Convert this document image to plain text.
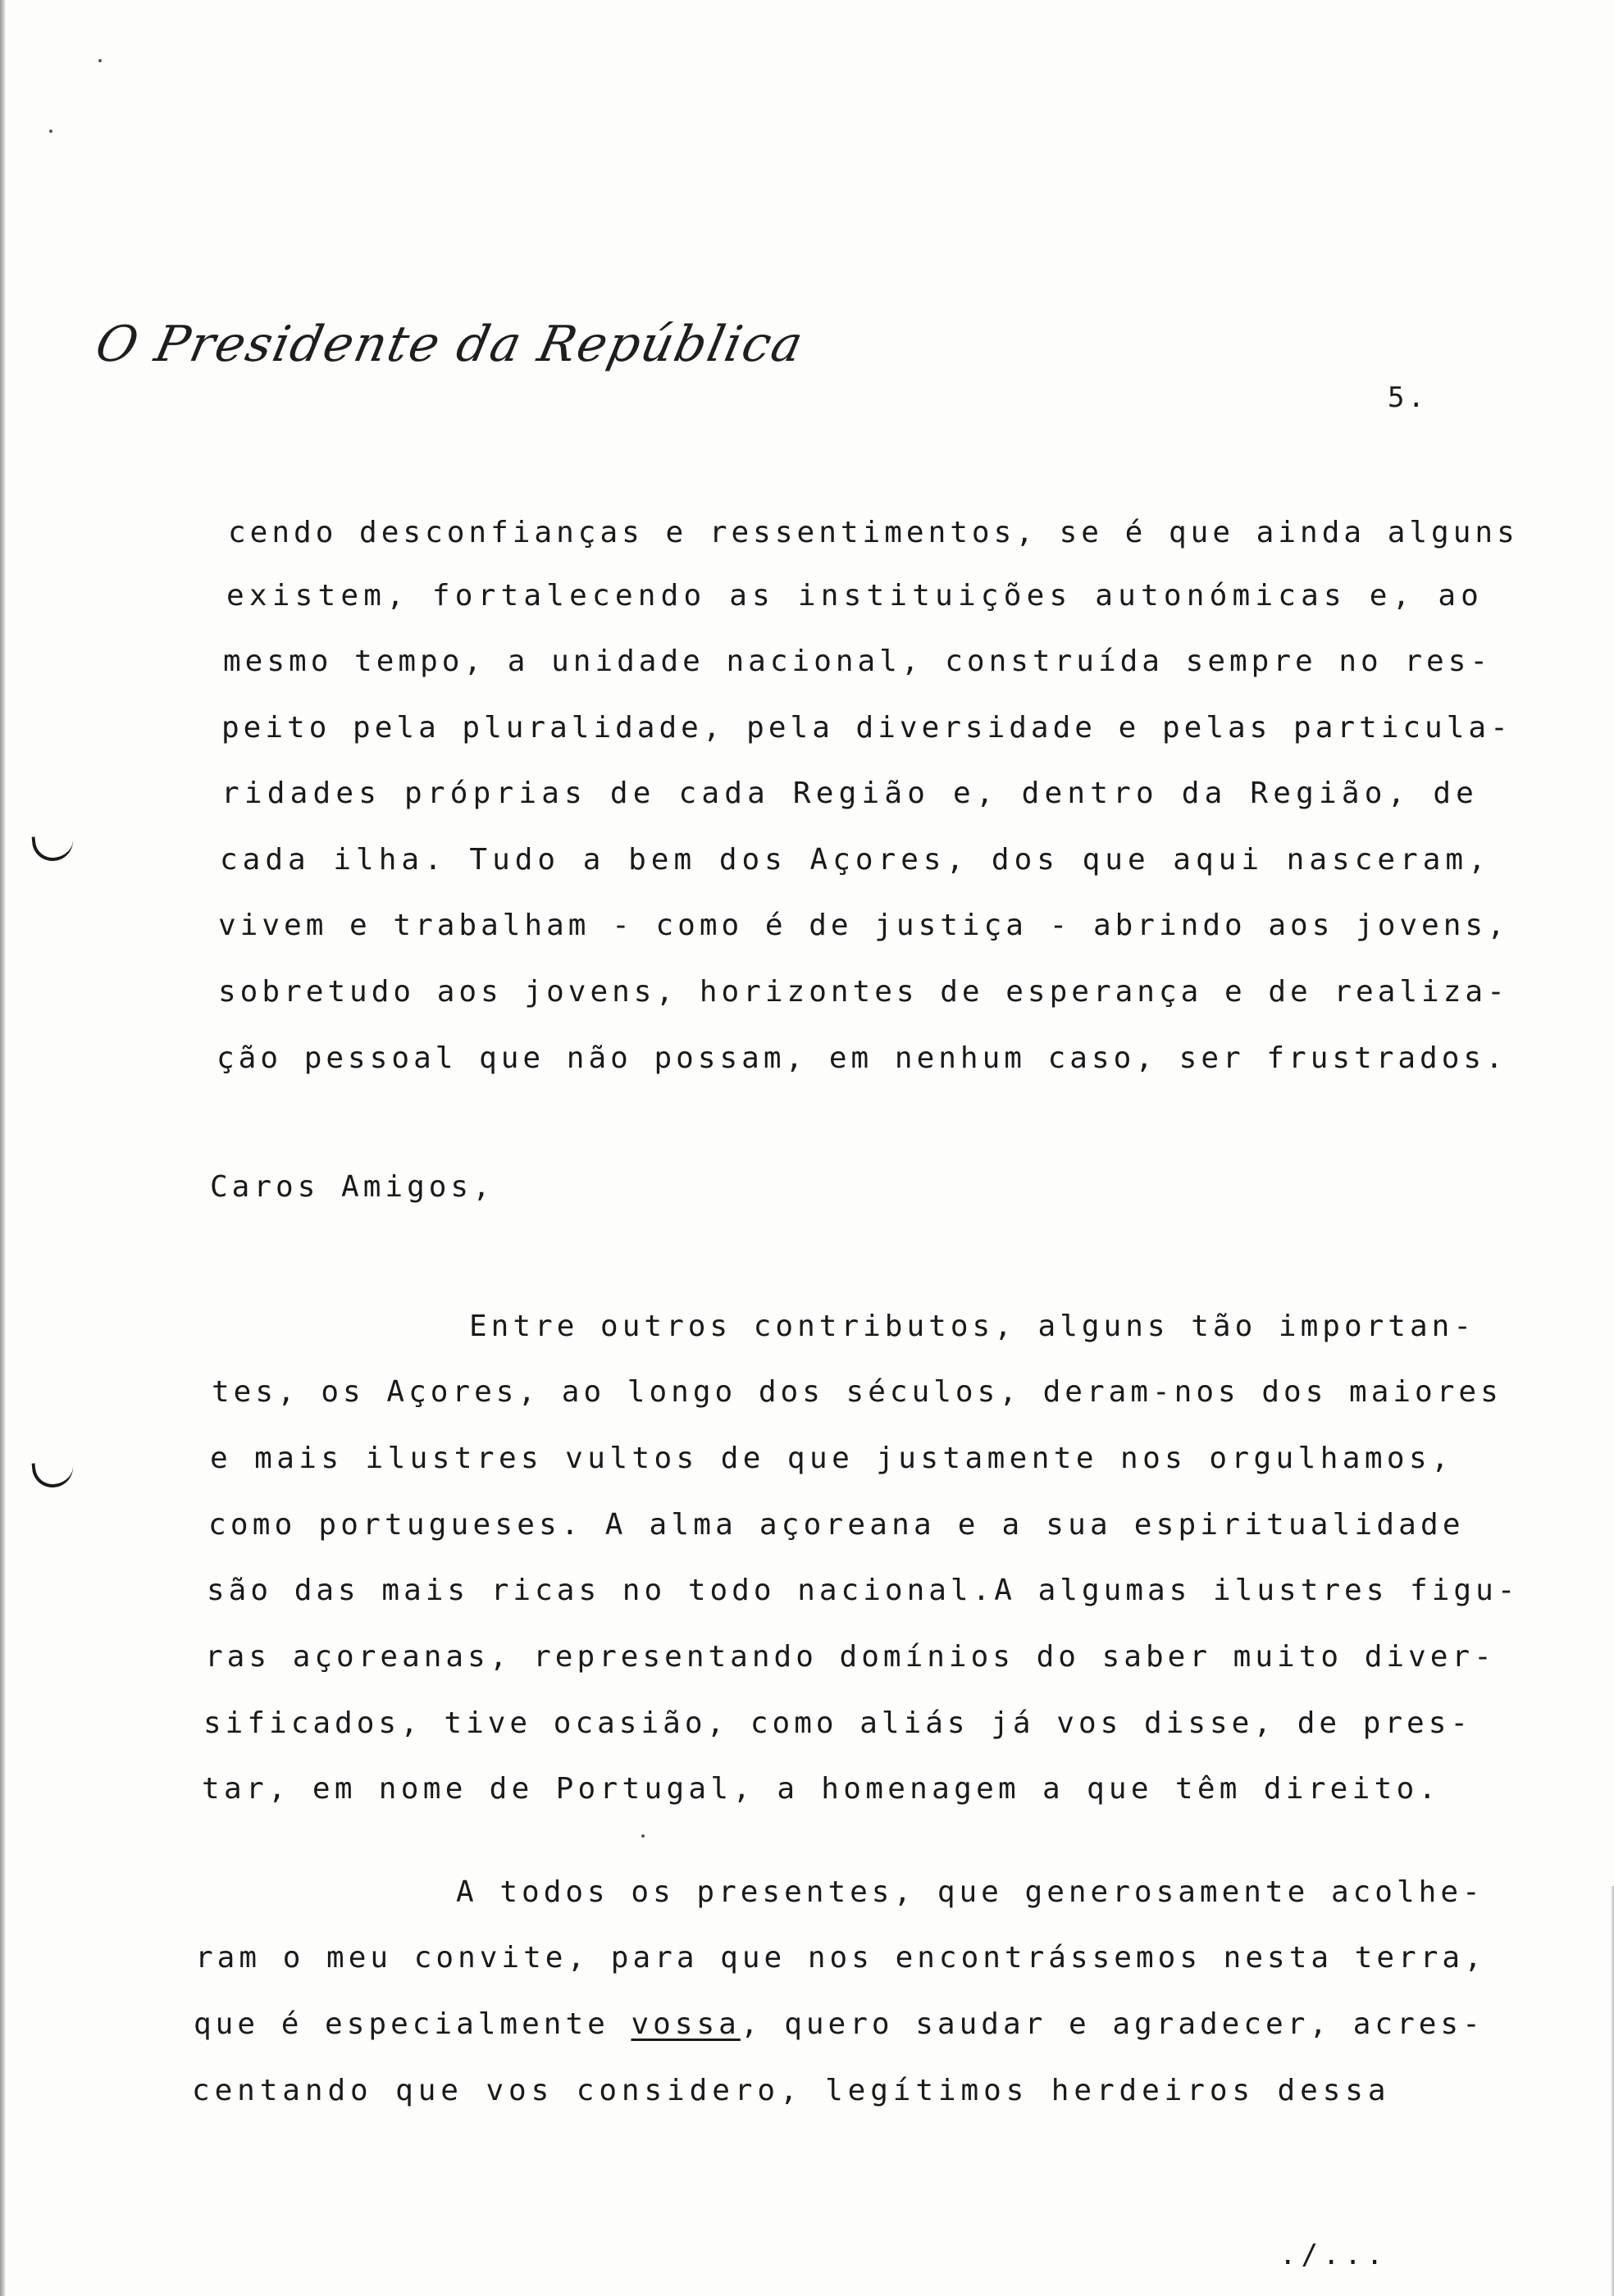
O Presidente da República
5.
cendo desconfianças e ressentimentos, se é que ainda alguns
existem, fortalecendo as instituições autonómicas e, ao
mesmo tempo, a unidade nacional, construída sempre no res-
peito pela pluralidade, pela diversidade e pelas particula-
ridades próprias de cada Região e, dentro da Região, de
cada ilha. Tudo a bem dos Açores, dos que aqui nasceram,
vivem e trabalham - como é de justiça - abrindo aos jovens,
sobretudo aos jovens, horizontes de esperança e de realiza-
ção pessoal que não possam, em nenhum caso, ser frustrados.
Caros Amigos,
Entre outros contributos, alguns tão importan-
tes, os Açores, ao longo dos séculos, deram-nos dos maiores
e mais ilustres vultos de que justamente nos orgulhamos,
como portugueses. A alma açoreana e a sua espiritualidade
são das mais ricas no todo nacional.A algumas ilustres figu-
ras açoreanas, representando domínios do saber muito diver-
sificados, tive ocasião, como aliás já vos disse, de pres-
tar, em nome de Portugal, a homenagem a que têm direito.
A todos os presentes, que generosamente acolhe-
ram o meu convite, para que nos encontrássemos nesta terra,
que é especialmente vossa, quero saudar e agradecer, acres-
centando que vos considero, legítimos herdeiros dessa
./...
